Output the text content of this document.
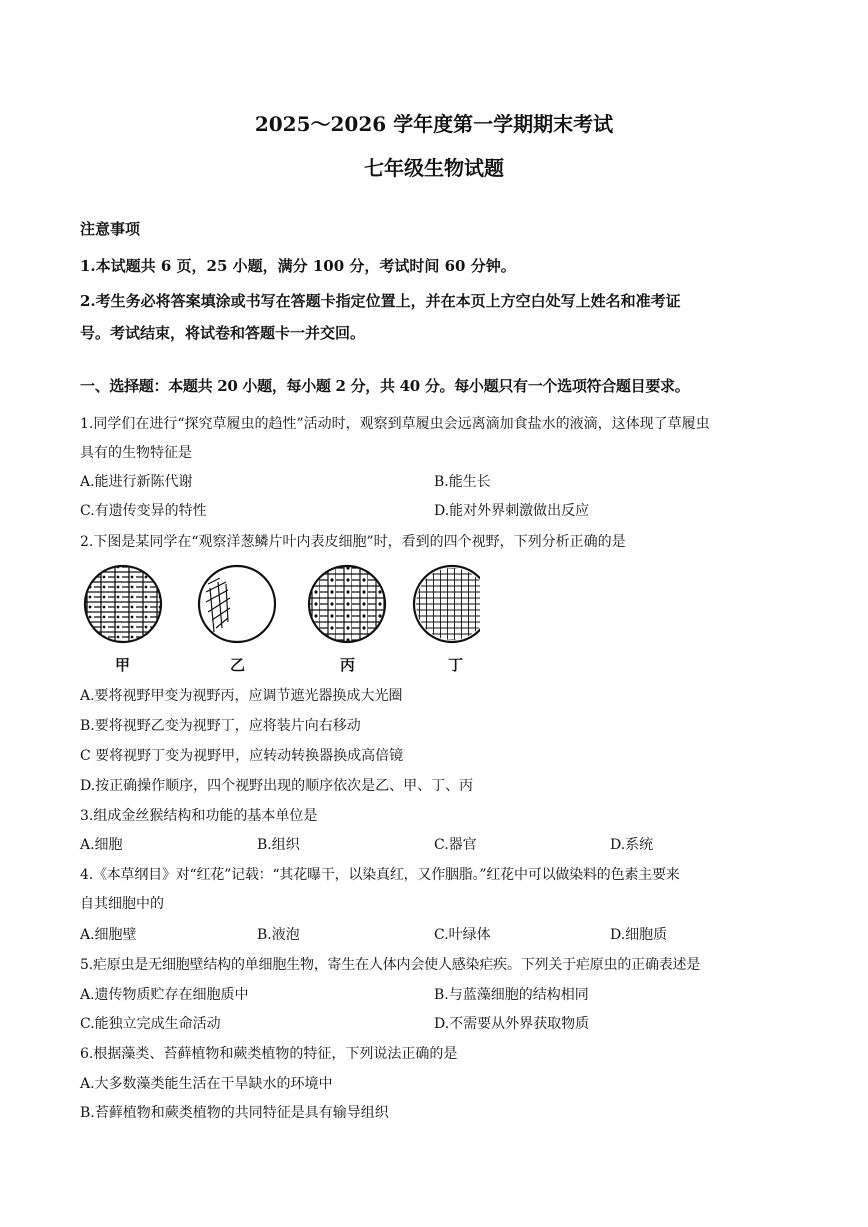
2025～2026 学年度第一学期期末考试
七年级生物试题
注意事项
1.本试题共 6 页，25 小题，满分 100 分，考试时间 60 分钟。
2.考生务必将答案填涂或书写在答题卡指定位置上，并在本页上方空白处写上姓名和准考证
号。考试结束，将试卷和答题卡一并交回。
一、选择题：本题共 20 小题，每小题 2 分，共 40 分。每小题只有一个选项符合题目要求。
1.同学们在进行“探究草履虫的趋性”活动时，观察到草履虫会远离滴加食盐水的液滴，这体现了草履虫
具有的生物特征是
A.能进行新陈代谢	B.能生长
C.有遗传变异的特性	D.能对外界刺激做出反应
2.下图是某同学在“观察洋葱鳞片叶内表皮细胞”时，看到的四个视野，下列分析正确的是
甲	乙	丙	丁
A.要将视野甲变为视野丙，应调节遮光器换成大光圈
B.要将视野乙变为视野丁，应将装片向右移动
C 要将视野丁变为视野甲，应转动转换器换成高倍镜
D.按正确操作顺序，四个视野出现的顺序依次是乙、甲、丁、丙
3.组成金丝猴结构和功能的基本单位是
A.细胞	B.组织	C.器官	D.系统
4.《本草纲目》对“红花”记载：“其花曝干，以染真红，又作胭脂。”红花中可以做染料的色素主要来
自其细胞中的
A.细胞壁	B.液泡	C.叶绿体	D.细胞质
5.疟原虫是无细胞壁结构的单细胞生物，寄生在人体内会使人感染疟疾。下列关于疟原虫的正确表述是
A.遗传物质贮存在细胞质中	B.与蓝藻细胞的结构相同
C.能独立完成生命活动	D.不需要从外界获取物质
6.根据藻类、苔藓植物和蕨类植物的特征，下列说法正确的是
A.大多数藻类能生活在干旱缺水的环境中
B.苔藓植物和蕨类植物的共同特征是具有输导组织
